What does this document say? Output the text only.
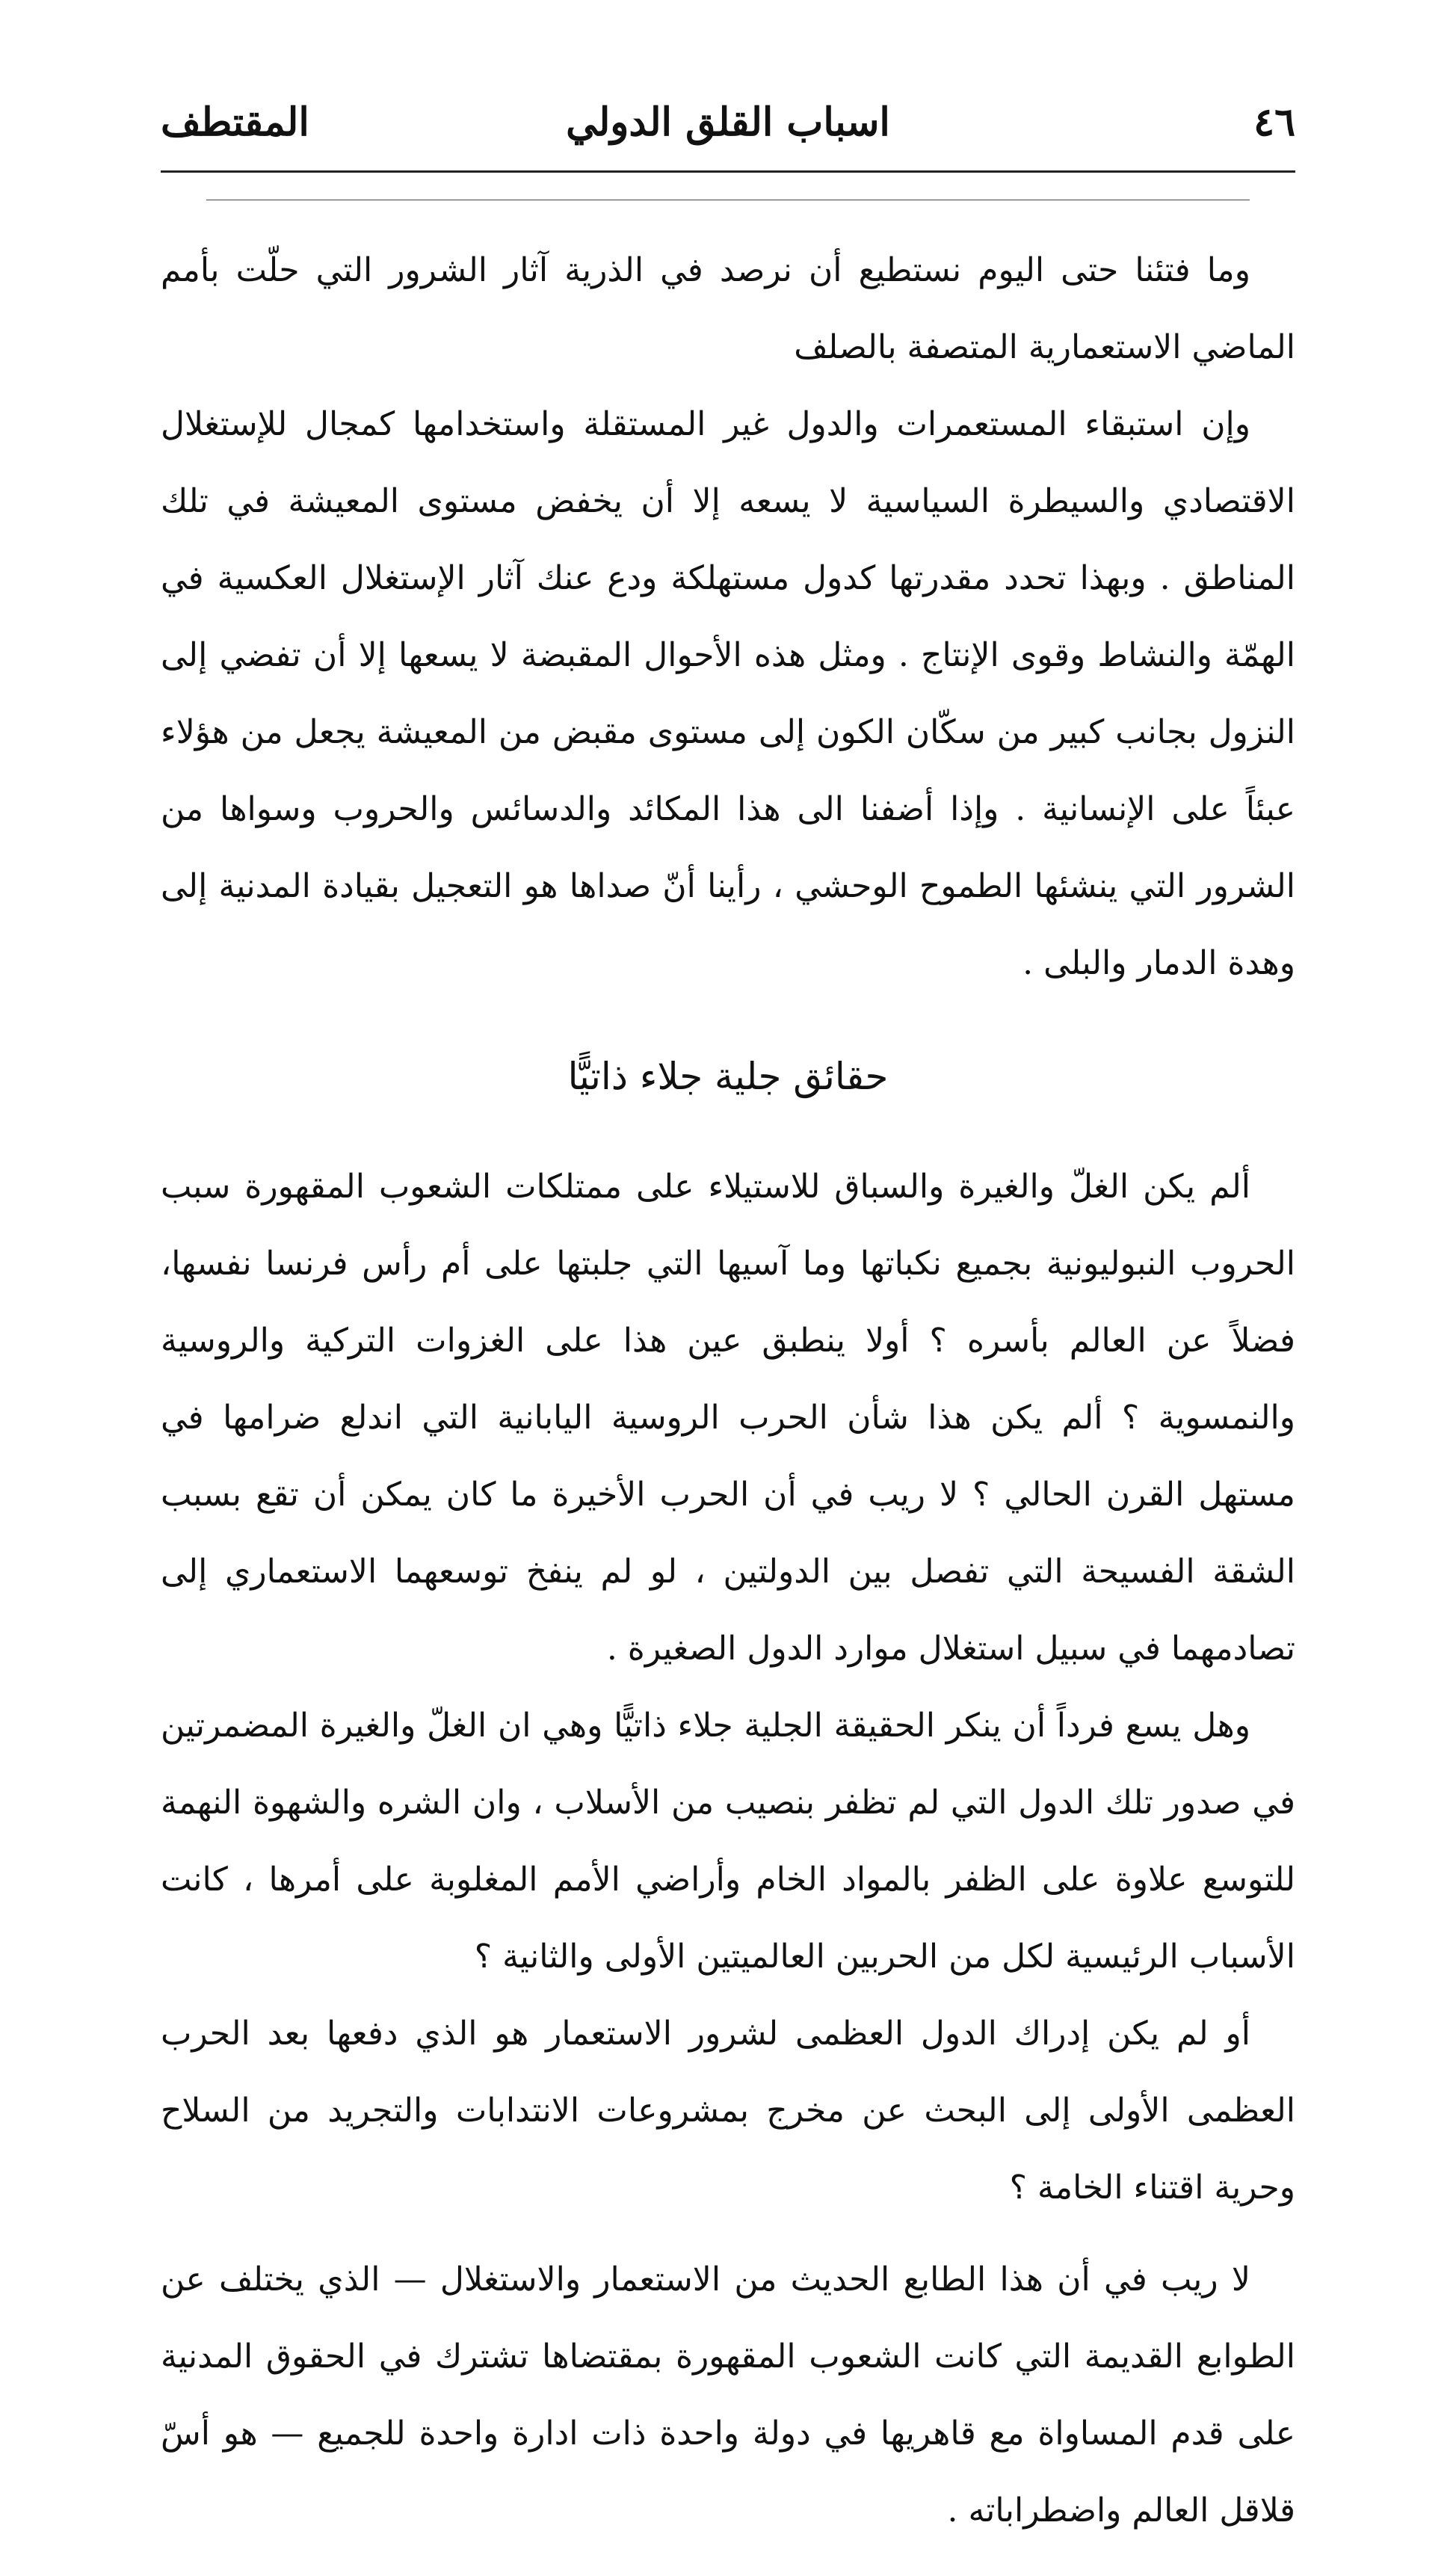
٤٦
اسباب القلق الدولي
المقتطف

وما فتئنا حتى اليوم نستطيع أن نرصد في الذرية آثار الشرور التي حلّت بأمم الماضي الاستعمارية المتصفة بالصلف

وإن استبقاء المستعمرات والدول غير المستقلة واستخدامها كمجال للإستغلال الاقتصادي والسيطرة السياسية لا يسعه إلا أن يخفض مستوى المعيشة في تلك المناطق . وبهذا تحدد مقدرتها كدول مستهلكة ودع عنك آثار الإستغلال العكسية في الهمّة والنشاط وقوى الإنتاج . ومثل هذه الأحوال المقبضة لا يسعها إلا أن تفضي إلى النزول بجانب كبير من سكّان الكون إلى مستوى مقبض من المعيشة يجعل من هؤلاء عبئاً على الإنسانية . وإذا أضفنا الى هذا المكائد والدسائس والحروب وسواها من الشرور التي ينشئها الطموح الوحشي ، رأينا أنّ صداها هو التعجيل بقيادة المدنية إلى وهدة الدمار والبلى .

حقائق جلية جلاء ذاتيًّا

ألم يكن الغلّ والغيرة والسباق للاستيلاء على ممتلكات الشعوب المقهورة سبب الحروب النبوليونية بجميع نكباتها وما آسيها التي جلبتها على أم رأس فرنسا نفسها، فضلاً عن العالم بأسره ؟ أولا ينطبق عين هذا على الغزوات التركية والروسية والنمسوية ؟ ألم يكن هذا شأن الحرب الروسية اليابانية التي اندلع ضرامها في مستهل القرن الحالي ؟ لا ريب في أن الحرب الأخيرة ما كان يمكن أن تقع بسبب الشقة الفسيحة التي تفصل بين الدولتين ، لو لم ينفخ توسعهما الاستعماري إلى تصادمهما في سبيل استغلال موارد الدول الصغيرة .

وهل يسع فرداً أن ينكر الحقيقة الجلية جلاء ذاتيًّا وهي ان الغلّ والغيرة المضمرتين في صدور تلك الدول التي لم تظفر بنصيب من الأسلاب ، وان الشره والشهوة النهمة للتوسع علاوة على الظفر بالمواد الخام وأراضي الأمم المغلوبة على أمرها ، كانت الأسباب الرئيسية لكل من الحربين العالميتين الأولى والثانية ؟

أو لم يكن إدراك الدول العظمى لشرور الاستعمار هو الذي دفعها بعد الحرب العظمى الأولى إلى البحث عن مخرج بمشروعات الانتدابات والتجريد من السلاح وحرية اقتناء الخامة ؟

لا ريب في أن هذا الطابع الحديث من الاستعمار والاستغلال — الذي يختلف عن الطوابع القديمة التي كانت الشعوب المقهورة بمقتضاها تشترك في الحقوق المدنية على قدم المساواة مع قاهريها في دولة واحدة ذات ادارة واحدة للجميع — هو أسّ قلاقل العالم واضطراباته .
